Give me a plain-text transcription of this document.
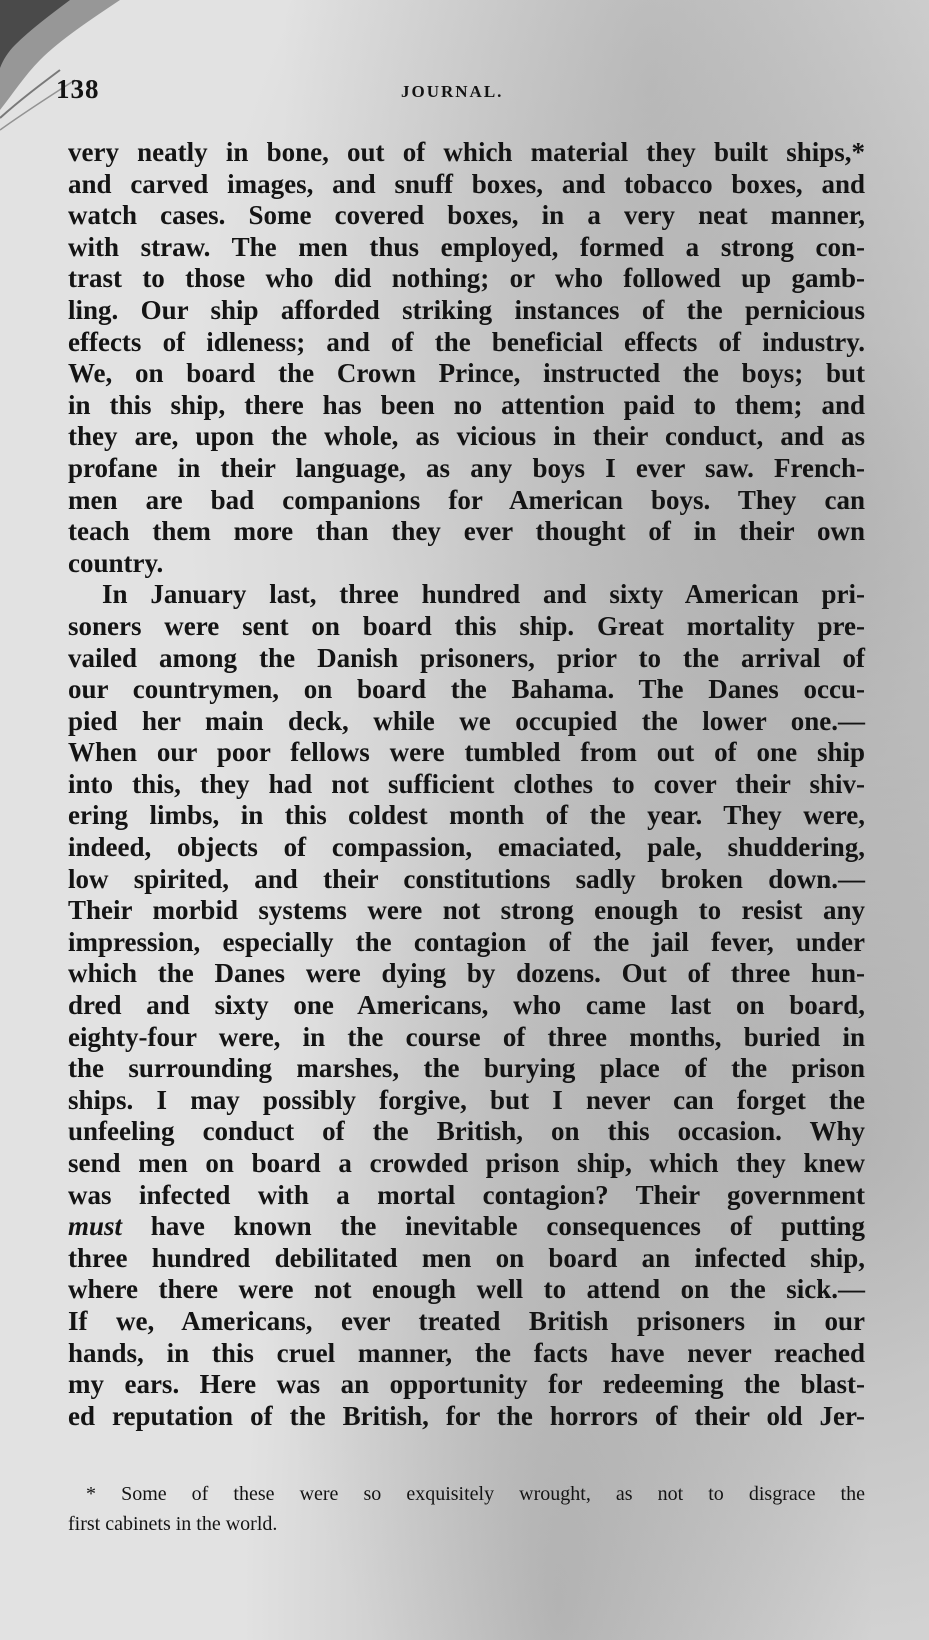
138	JOURNAL.
very neatly in bone, out of which material they built ships,*
and carved images, and snuff boxes, and tobacco boxes, and
watch cases. Some covered boxes, in a very neat manner,
with straw. The men thus employed, formed a strong con-
trast to those who did nothing; or who followed up gamb-
ling. Our ship afforded striking instances of the pernicious
effects of idleness; and of the beneficial effects of industry.
We, on board the Crown Prince, instructed the boys; but
in this ship, there has been no attention paid to them; and
they are, upon the whole, as vicious in their conduct, and as
profane in their language, as any boys I ever saw. French-
men are bad companions for American boys. They can
teach them more than they ever thought of in their own
country.
In January last, three hundred and sixty American pri-
soners were sent on board this ship. Great mortality pre-
vailed among the Danish prisoners, prior to the arrival of
our countrymen, on board the Bahama. The Danes occu-
pied her main deck, while we occupied the lower one.—
When our poor fellows were tumbled from out of one ship
into this, they had not sufficient clothes to cover their shiv-
ering limbs, in this coldest month of the year. They were,
indeed, objects of compassion, emaciated, pale, shuddering,
low spirited, and their constitutions sadly broken down.—
Their morbid systems were not strong enough to resist any
impression, especially the contagion of the jail fever, under
which the Danes were dying by dozens. Out of three hun-
dred and sixty one Americans, who came last on board,
eighty-four were, in the course of three months, buried in
the surrounding marshes, the burying place of the prison
ships. I may possibly forgive, but I never can forget the
unfeeling conduct of the British, on this occasion. Why
send men on board a crowded prison ship, which they knew
was infected with a mortal contagion? Their government
must have known the inevitable consequences of putting
three hundred debilitated men on board an infected ship,
where there were not enough well to attend on the sick.—
If we, Americans, ever treated British prisoners in our
hands, in this cruel manner, the facts have never reached
my ears. Here was an opportunity for redeeming the blast-
ed reputation of the British, for the horrors of their old Jer-
* Some of these were so exquisitely wrought, as not to disgrace the
first cabinets in the world.
